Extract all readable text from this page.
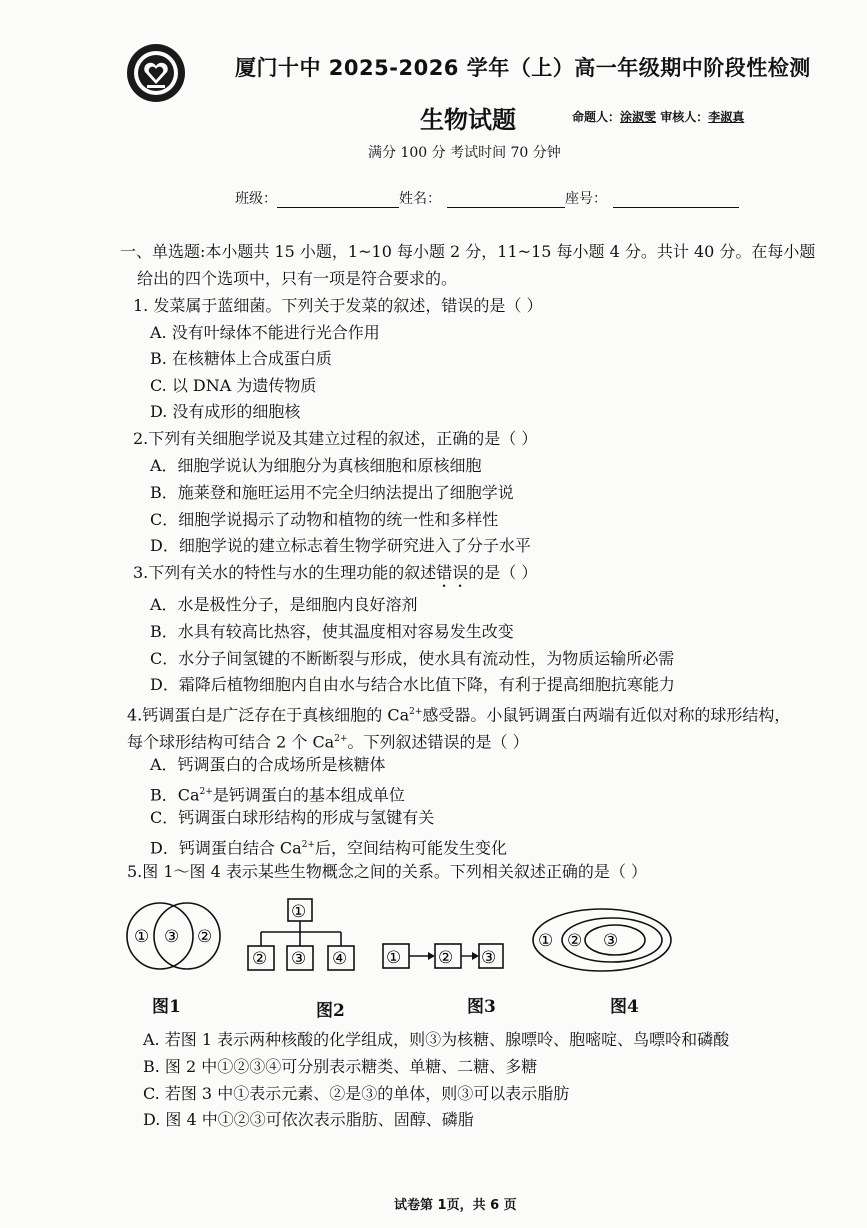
厦门十中 2025-2026 学年（上）高一年级期中阶段性检测
生物试题	命题人：涂淑雯 审核人：李淑真
满分 100 分 考试时间 70 分钟
班级：	姓名：	座号：
一、单选题:本小题共 15 小题，1~10 每小题 2 分，11~15 每小题 4 分。共计 40 分。在每小题
给出的四个选项中，只有一项是符合要求的。
1. 发菜属于蓝细菌。下列关于发菜的叙述，错误的是（ ）
A. 没有叶绿体不能进行光合作用
B. 在核糖体上合成蛋白质
C. 以 DNA 为遗传物质
D. 没有成形的细胞核
2.下列有关细胞学说及其建立过程的叙述，正确的是（ ）
A．细胞学说认为细胞分为真核细胞和原核细胞
B．施莱登和施旺运用不完全归纳法提出了细胞学说
C．细胞学说揭示了动物和植物的统一性和多样性
D．细胞学说的建立标志着生物学研究进入了分子水平
3.下列有关水的特性与水的生理功能的叙述错误的是（ ）
A．水是极性分子，是细胞内良好溶剂
B．水具有较高比热容，使其温度相对容易发生改变
C．水分子间氢键的不断断裂与形成，使水具有流动性，为物质运输所必需
D．霜降后植物细胞内自由水与结合水比值下降，有利于提高细胞抗寒能力
4.钙调蛋白是广泛存在于真核细胞的 $Ca^{2+}$感受器。小鼠钙调蛋白两端有近似对称的球形结构，
每个球形结构可结合 2 个 $Ca^{2+}$。下列叙述错误的是（ ）
A．钙调蛋白的合成场所是核糖体
B．$Ca^{2+}$是钙调蛋白的基本组成单位
C．钙调蛋白球形结构的形成与氢键有关
D．钙调蛋白结合 $Ca^{2+}$后，空间结构可能发生变化
5.图 1～图 4 表示某些生物概念之间的关系。下列相关叙述正确的是（ ）
① ③ ②
图1
①
② ③ ④
图2
① ② ③
图3
① ② ③
图4
A. 若图 1 表示两种核酸的化学组成，则③为核糖、腺嘌呤、胞嘧啶、鸟嘌呤和磷酸
B. 图 2 中①②③④可分别表示糖类、单糖、二糖、多糖
C. 若图 3 中①表示元素、②是③的单体，则③可以表示脂肪
D. 图 4 中①②③可依次表示脂肪、固醇、磷脂
试卷第 1页，共 6 页
